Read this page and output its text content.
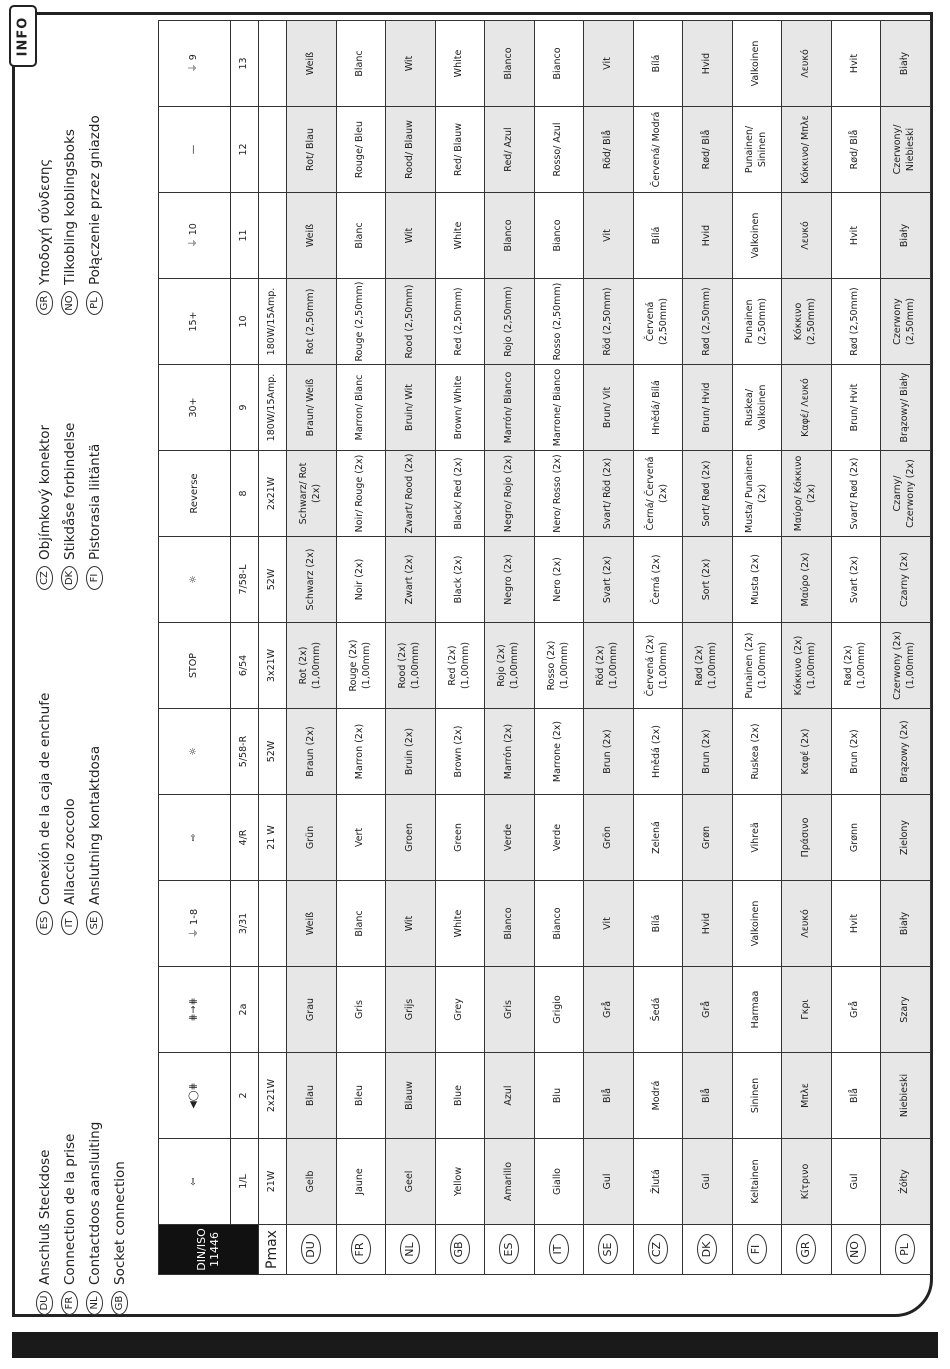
INFO
DU
Anschluß Steckdose
FR
Connection de la prise
NL
Contactdoos aansluiting
GB
Socket connection
ES
Conexión de la caja de enchufe
IT
Allaccio zoccolo
SE
Anslutning kontaktdosa
CZ
Objímkový konektor
DK
Stikdåse forbindelse
FI
Pistorasia liitäntä
GR
Υποδοχή σύνδεσης
NO
Tilkobling koblingsboks
PL
Połączenie przez gniazdo
DIN/ISO 11446	⇦	◀◯⋕	⋕→⋕	⏚ 1-8	⇨	☼	STOP	☼	Reverse	30+	15+	⏚ 10	—	⏚ 9
	1/L	2	2a	3/31	4/R	5/58-R	6/54	7/58-L	8	9	10	11	12	13
Pmax	21W	2x21W			21 W	52W	3x21W	52W	2x21W	180W/15Amp.	180W/15Amp.			
DU	Gelb	Blau	Grau	Weiß	Grün	Braun (2x)	Rot (2x) (1,00mm)	Schwarz (2x)	Schwarz/ Rot (2x)	Braun/ Weiß	Rot (2,50mm)	Weiß	Rot/ Blau	Weiß
FR	Jaune	Bleu	Gris	Blanc	Vert	Marron (2x)	Rouge (2x) (1,00mm)	Noir (2x)	Noir/ Rouge (2x)	Marron/ Blanc	Rouge (2,50mm)	Blanc	Rouge/ Bleu	Blanc
NL	Geel	Blauw	Grijs	Wit	Groen	Bruin (2x)	Rood (2x) (1,00mm)	Zwart (2x)	Zwart/ Rood (2x)	Bruin/ Wit	Rood (2,50mm)	Wit	Rood/ Blauw	Wit
GB	Yellow	Blue	Grey	White	Green	Brown (2x)	Red (2x) (1,00mm)	Black (2x)	Black/ Red (2x)	Brown/ White	Red (2,50mm)	White	Red/ Blauw	White
ES	Amarillo	Azul	Gris	Blanco	Verde	Marrón (2x)	Rojo (2x) (1,00mm)	Negro (2x)	Negro/ Rojo (2x)	Marrón/ Blanco	Rojo (2,50mm)	Blanco	Red/ Azul	Blanco
IT	Giallo	Blu	Grigio	Bianco	Verde	Marrone (2x)	Rosso (2x) (1,00mm)	Nero (2x)	Nero/ Rosso (2x)	Marrone/ Bianco	Rosso (2,50mm)	Bianco	Rosso/ Azul	Bianco
SE	Gul	Blå	Grå	Vit	Grön	Brun (2x)	Röd (2x) (1,00mm)	Svart (2x)	Svart/ Röd (2x)	Brun/ Vit	Röd (2,50mm)	Vit	Röd/ Blå	Vit
CZ	Žlutá	Modrá	Šedá	Bílá	Zelená	Hnědá (2x)	Červená (2x) (1,00mm)	Černá (2x)	Černá/ Červená (2x)	Hnědá/ Bílá	Červená (2,50mm)	Bílá	Červená/ Modrá	Bílá
DK	Gul	Blå	Grå	Hvid	Grøn	Brun (2x)	Rød (2x) (1,00mm)	Sort (2x)	Sort/ Rød (2x)	Brun/ Hvid	Rød (2,50mm)	Hvid	Rød/ Blå	Hvid
FI	Keltainen	Sininen	Harmaa	Valkoinen	Vihreä	Ruskea (2x)	Punainen (2x) (1,00mm)	Musta (2x)	Musta/ Punainen (2x)	Ruskea/ Valkoinen	Punainen (2,50mm)	Valkoinen	Punainen/ Sininen	Valkoinen
GR	Κίτρινο	Μπλε	Γκρι	Λευκό	Πράσινο	Καφέ (2x)	Κόκκινο (2x) (1,00mm)	Μαύρο (2x)	Μαύρο/ Κόκκινο (2x)	Καφέ/ Λευκό	Κόκκινο (2,50mm)	Λευκό	Κόκκινο/ Μπλε	Λευκό
NO	Gul	Blå	Grå	Hvit	Grønn	Brun (2x)	Rød (2x) (1,00mm)	Svart (2x)	Svart/ Rød (2x)	Brun/ Hvit	Rød (2,50mm)	Hvit	Rød/ Blå	Hvit
PL	Żółty	Niebieski	Szary	Biały	Zielony	Brązowy (2x)	Czerwony (2x) (1,00mm)	Czarny (2x)	Czarny/ Czerwony (2x)	Brązowy/ Biały	Czerwony (2,50mm)	Biały	Czerwony/ Niebieski	Biały
